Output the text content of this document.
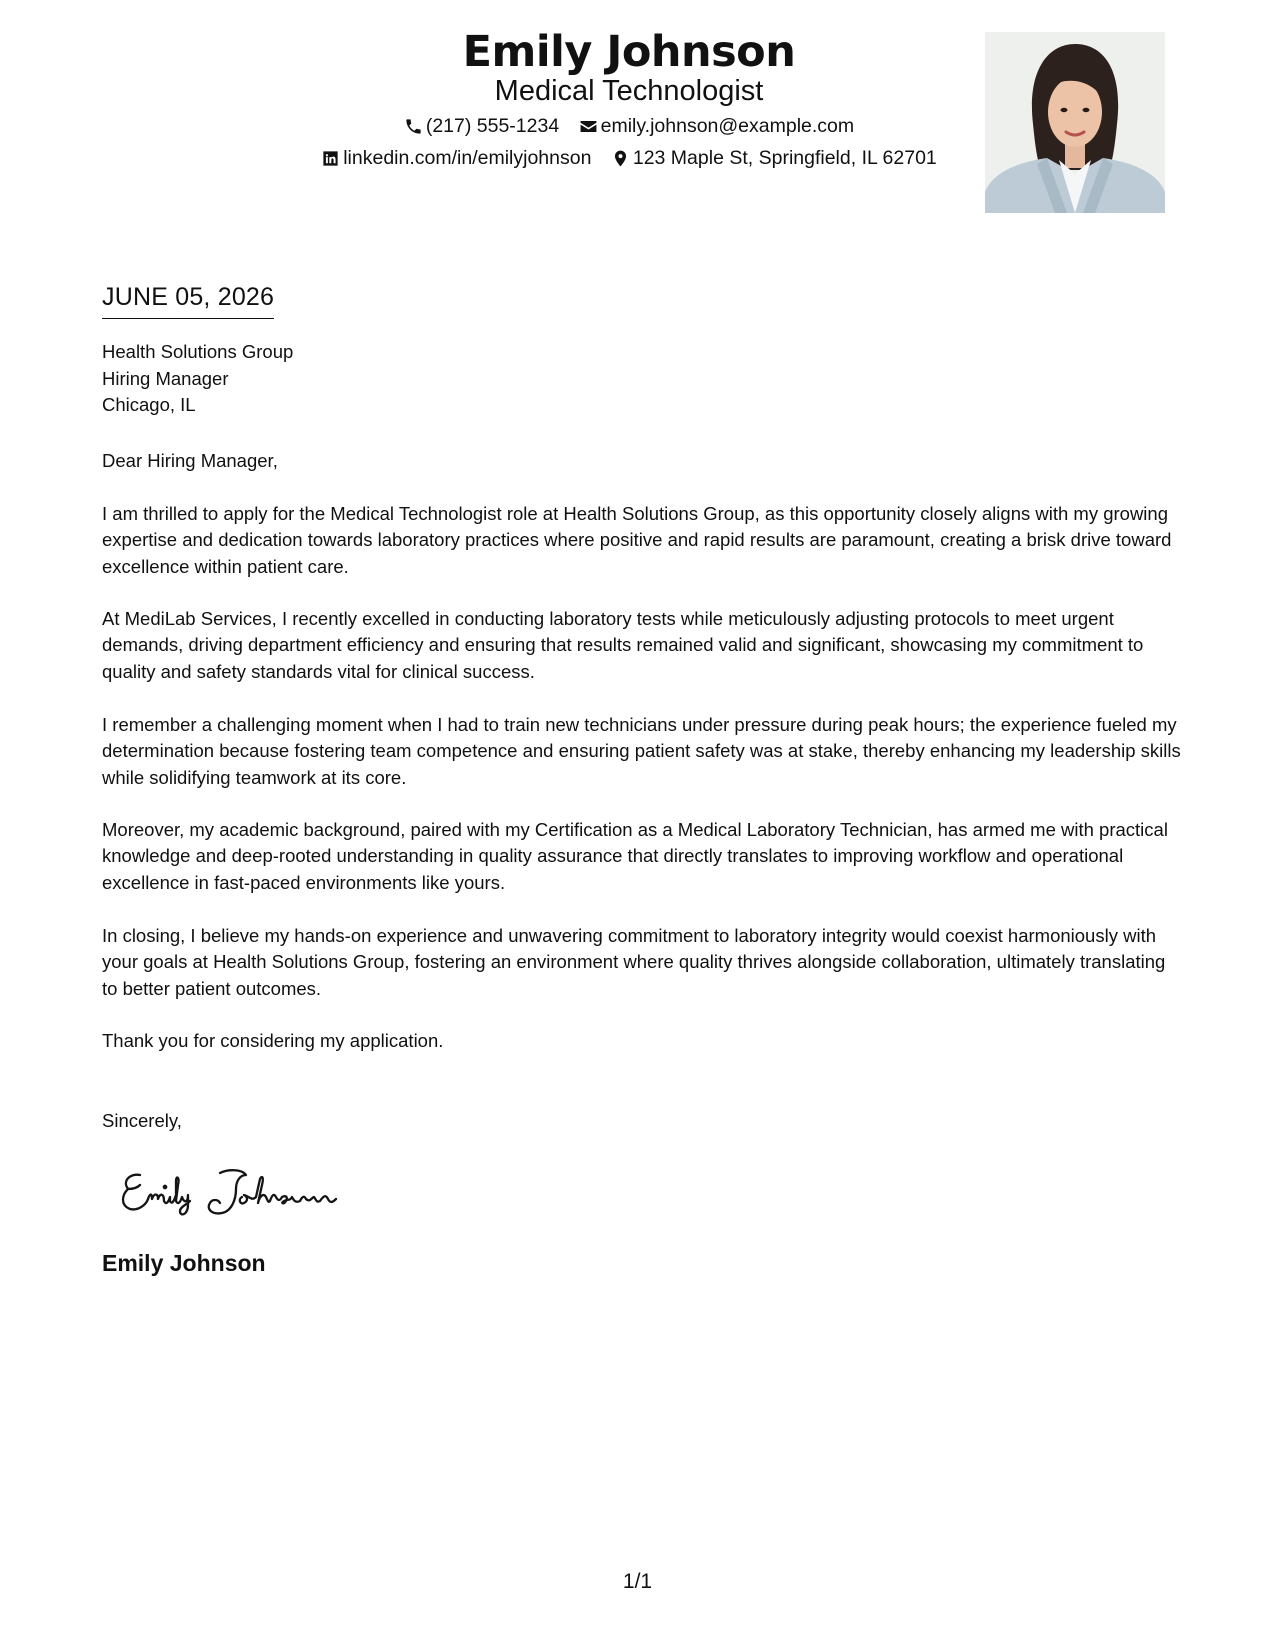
Emily Johnson
Medical Technologist
(217) 555-1234
emily.johnson@example.com
linkedin.com/in/emilyjohnson
123 Maple St, Springfield, IL 62701
JUNE 05, 2026
Health Solutions Group
Hiring Manager
Chicago, IL
Dear Hiring Manager,
I am thrilled to apply for the Medical Technologist role at Health Solutions Group, as this opportunity closely aligns with my growing expertise and dedication towards laboratory practices where positive and rapid results are paramount, creating a brisk drive toward excellence within patient care.
At MediLab Services, I recently excelled in conducting laboratory tests while meticulously adjusting protocols to meet urgent demands, driving department efficiency and ensuring that results remained valid and significant, showcasing my commitment to quality and safety standards vital for clinical success.
I remember a challenging moment when I had to train new technicians under pressure during peak hours; the experience fueled my determination because fostering team competence and ensuring patient safety was at stake, thereby enhancing my leadership skills while solidifying teamwork at its core.
Moreover, my academic background, paired with my Certification as a Medical Laboratory Technician, has armed me with practical knowledge and deep-rooted understanding in quality assurance that directly translates to improving workflow and operational excellence in fast-paced environments like yours.
In closing, I believe my hands-on experience and unwavering commitment to laboratory integrity would coexist harmoniously with your goals at Health Solutions Group, fostering an environment where quality thrives alongside collaboration, ultimately translating to better patient outcomes.
Thank you for considering my application.
Sincerely,
Emily Johnson
1/1
